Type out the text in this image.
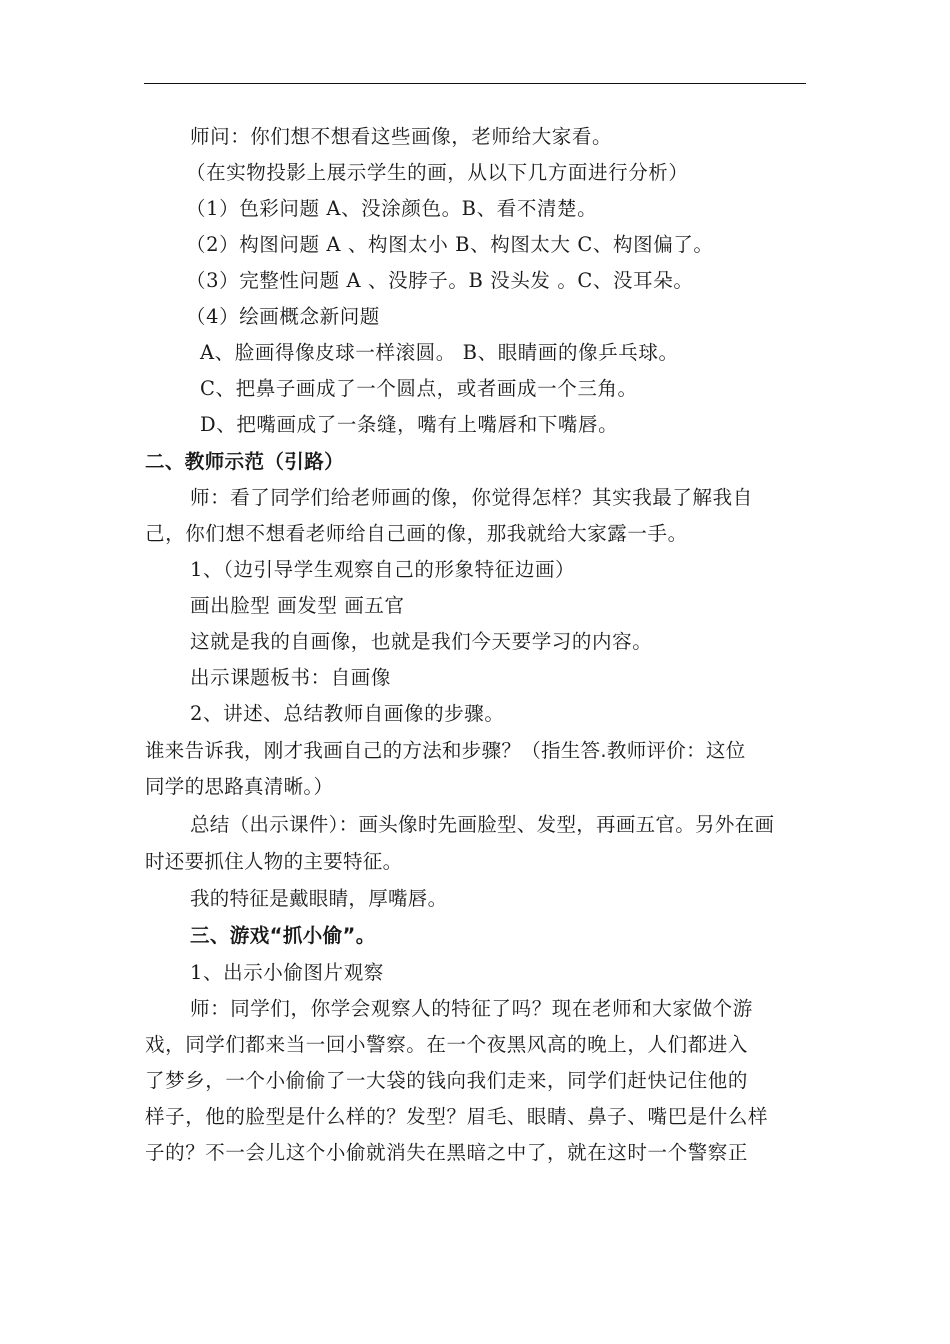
师问：你们想不想看这些画像，老师给大家看。
（在实物投影上展示学生的画，从以下几方面进行分析）
（1）色彩问题 A、没涂颜色。B、看不清楚。
（2）构图问题 A 、构图太小 B、构图太大 C、构图偏了。
（3）完整性问题 A 、没脖子。B 没头发 。C、没耳朵。
（4）绘画概念新问题
A、脸画得像皮球一样滚圆。 B、眼睛画的像乒乓球。
C、把鼻子画成了一个圆点，或者画成一个三角。
D、把嘴画成了一条缝，嘴有上嘴唇和下嘴唇。
二、教师示范（引路）
师：看了同学们给老师画的像，你觉得怎样？其实我最了解我自
己，你们想不想看老师给自己画的像，那我就给大家露一手。
1、（边引导学生观察自己的形象特征边画）
画出脸型 画发型 画五官
这就是我的自画像，也就是我们今天要学习的内容。
出示课题板书：自画像
2、讲述、总结教师自画像的步骤。
谁来告诉我，刚才我画自己的方法和步骤？（指生答.教师评价：这位
同学的思路真清晰。）
总结（出示课件）：画头像时先画脸型、发型，再画五官。另外在画
时还要抓住人物的主要特征。
我的特征是戴眼睛，厚嘴唇。
三、游戏“抓小偷”。
1、出示小偷图片观察
师：同学们，你学会观察人的特征了吗？现在老师和大家做个游
戏，同学们都来当一回小警察。在一个夜黑风高的晚上，人们都进入
了梦乡，一个小偷偷了一大袋的钱向我们走来，同学们赶快记住他的
样子，他的脸型是什么样的？发型？眉毛、眼睛、鼻子、嘴巴是什么样
子的？不一会儿这个小偷就消失在黑暗之中了，就在这时一个警察正
